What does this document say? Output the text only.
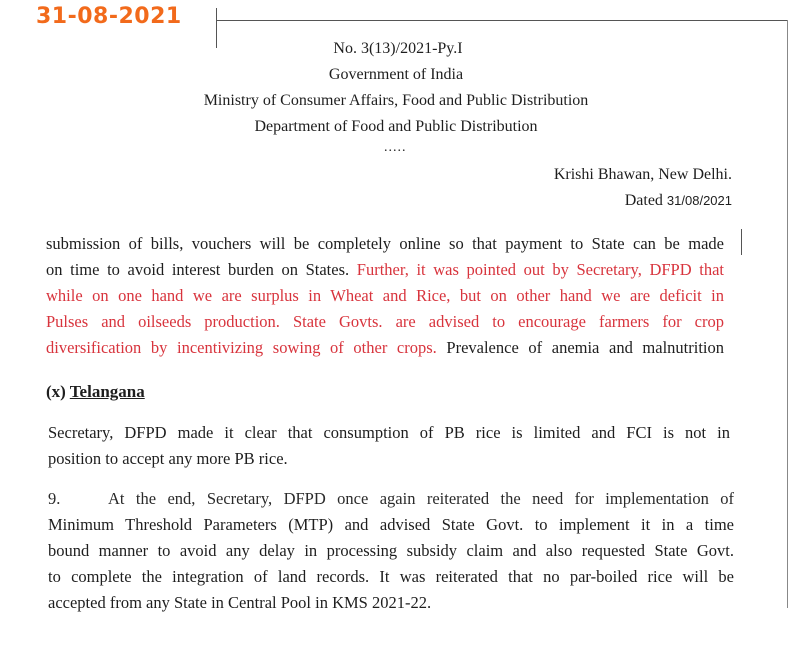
31-08-2021
No. 3(13)/2021-Py.I
Government of India
Ministry of Consumer Affairs, Food and Public Distribution
Department of Food and Public Distribution
.....
Krishi Bhawan, New Delhi.
Dated 31/08/2021
submission of bills, vouchers will be completely online so that payment to State can be made
on time to avoid interest burden on States. Further, it was pointed out by Secretary, DFPD that
while on one hand we are surplus in Wheat and Rice, but on other hand we are deficit in
Pulses and oilseeds production. State Govts. are advised to encourage farmers for crop
diversification by incentivizing sowing of other crops. Prevalence of anemia and malnutrition
(x) Telangana
Secretary, DFPD made it clear that consumption of PB rice is limited and FCI is not in
position to accept any more PB rice.
9.	At the end, Secretary, DFPD once again reiterated the need for implementation of
Minimum Threshold Parameters (MTP) and advised State Govt. to implement it in a time
bound manner to avoid any delay in processing subsidy claim and also requested State Govt.
to complete the integration of land records. It was reiterated that no par-boiled rice will be
accepted from any State in Central Pool in KMS 2021-22.
